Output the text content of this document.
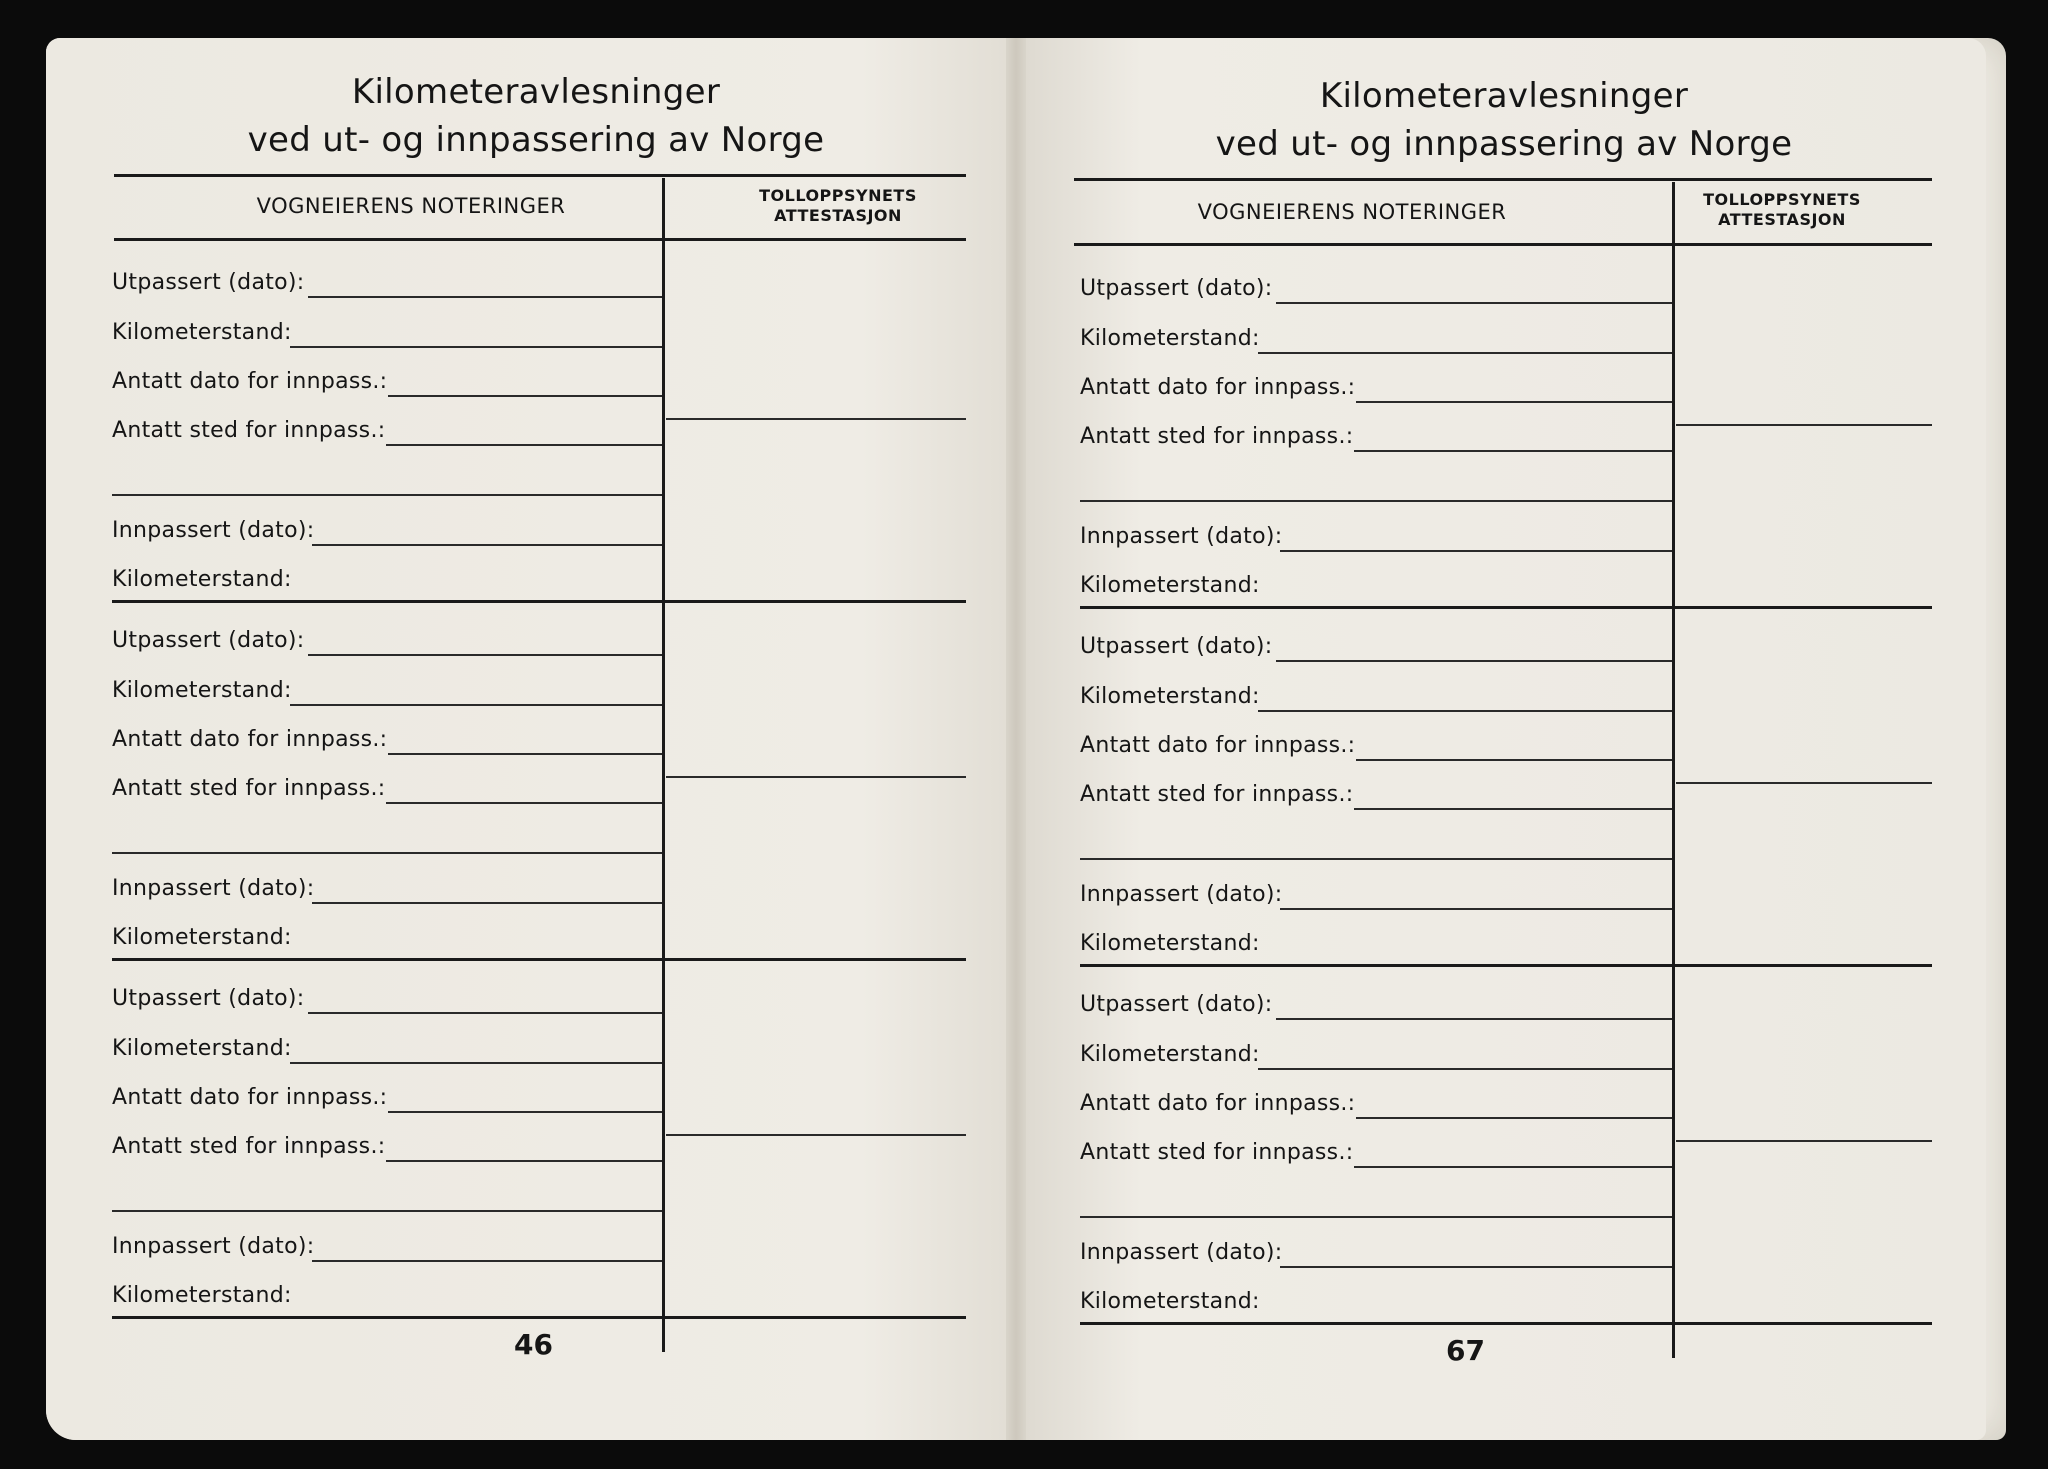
Kilometeravlesninger
ved ut- og innpassering av Norge
VOGNEIERENS NOTERINGER	TOLLOPPSYNETS
ATTESTASJON
Utpassert (dato):
Kilometerstand:
Antatt dato for innpass.:
Antatt sted for innpass.:
Innpassert (dato):
Kilometerstand:
Utpassert (dato):
Kilometerstand:
Antatt dato for innpass.:
Antatt sted for innpass.:
Innpassert (dato):
Kilometerstand:
Utpassert (dato):
Kilometerstand:
Antatt dato for innpass.:
Antatt sted for innpass.:
Innpassert (dato):
Kilometerstand:
46
Kilometeravlesninger
ved ut- og innpassering av Norge
VOGNEIERENS NOTERINGER
TOLLOPPSYNETS
ATTESTASJON
Utpassert (dato):
Kilometerstand:
Antatt dato for innpass.:
Antatt sted for innpass.:
Innpassert (dato):
Kilometerstand:
Utpassert (dato):
Kilometerstand:
Antatt dato for innpass.:
Antatt sted for innpass.:
Innpassert (dato):
Kilometerstand:
Utpassert (dato):
Kilometerstand:
Antatt dato for innpass.:
Antatt sted for innpass.:
Innpassert (dato):
Kilometerstand:
67
